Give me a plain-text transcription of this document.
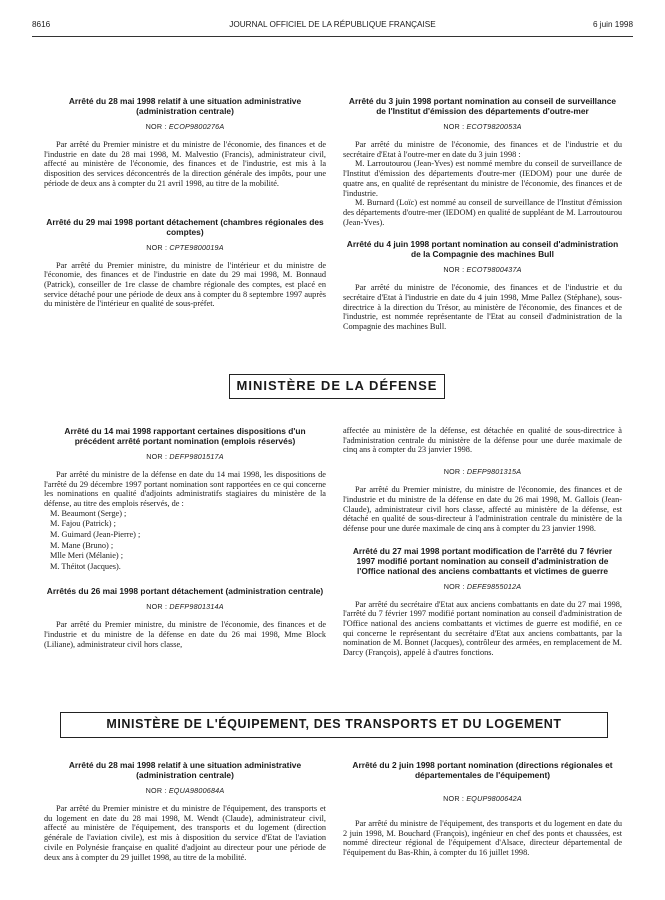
8616	JOURNAL OFFICIEL DE LA RÉPUBLIQUE FRANÇAISE	6 juin 1998
Arrêté du 28 mai 1998 relatif à une situation administrative (administration centrale)
NOR : ECOP9800276A

Par arrêté du Premier ministre et du ministre de l'économie, des finances et de l'industrie en date du 28 mai 1998, M. Malvestio (Francis), administrateur civil, affecté au ministère de l'économie, des finances et de l'industrie, est mis à la disposition des services déconcentrés de la direction générale des impôts, pour une période de deux ans à compter du 21 avril 1998, au titre de la mobilité.

Arrêté du 29 mai 1998 portant détachement (chambres régionales des comptes)
NOR : CPTE9800019A

Par arrêté du Premier ministre, du ministre de l'intérieur et du ministre de l'économie, des finances et de l'industrie en date du 29 mai 1998, M. Bonnaud (Patrick), conseiller de 1re classe de chambre régionale des comptes, est placé en service détaché pour une période de deux ans à compter du 8 septembre 1997 auprès du ministère de l'intérieur en qualité de sous-préfet.

Arrêté du 3 juin 1998 portant nomination au conseil de surveillance de l'Institut d'émission des départements d'outre-mer
NOR : ECOT9820053A

Par arrêté du ministre de l'économie, des finances et de l'industrie et du secrétaire d'Etat à l'outre-mer en date du 3 juin 1998 :

M. Larroutourou (Jean-Yves) est nommé membre du conseil de surveillance de l'Institut d'émission des départements d'outre-mer (IEDOM) pour une durée de quatre ans, en qualité de représentant du ministre de l'économie, des finances et de l'industrie.

M. Burnard (Loïc) est nommé au conseil de surveillance de l'Institut d'émission des départements d'outre-mer (IEDOM) en qualité de suppléant de M. Larroutourou (Jean-Yves).

Arrêté du 4 juin 1998 portant nomination au conseil d'administration de la Compagnie des machines Bull
NOR : ECOT9800437A

Par arrêté du ministre de l'économie, des finances et de l'industrie et du secrétaire d'Etat à l'industrie en date du 4 juin 1998, Mme Pallez (Stéphane), sous-directrice à la direction du Trésor, au ministère de l'économie, des finances et de l'industrie, est nommée représentante de l'Etat au conseil d'administration de la Compagnie des machines Bull.

MINISTÈRE DE LA DÉFENSE
Arrêté du 14 mai 1998 rapportant certaines dispositions d'un précédent arrêté portant nomination (emplois réservés)
NOR : DEFP9801517A

Par arrêté du ministre de la défense en date du 14 mai 1998, les dispositions de l'arrêté du 29 décembre 1997 portant nomination sont rapportées en ce qui concerne les nominations en qualité d'adjoints administratifs stagiaires du ministère de la défense, au titre des emplois réservés, de :

M. Beaumont (Serge) ;

M. Fajou (Patrick) ;

M. Guimard (Jean-Pierre) ;

M. Mane (Bruno) ;

Mlle Meri (Mélanie) ;

M. Théitot (Jacques).

Arrêtés du 26 mai 1998 portant détachement (administration centrale)
NOR : DEFP9801314A

Par arrêté du Premier ministre, du ministre de l'économie, des finances et de l'industrie et du ministre de la défense en date du 26 mai 1998, Mme Block (Liliane), administrateur civil hors classe,

affectée au ministère de la défense, est détachée en qualité de sous-directrice à l'administration centrale du ministère de la défense pour une durée maximale de cinq ans à compter du 23 janvier 1998.

NOR : DEFP9801315A

Par arrêté du Premier ministre, du ministre de l'économie, des finances et de l'industrie et du ministre de la défense en date du 26 mai 1998, M. Gallois (Jean-Claude), administrateur civil hors classe, affecté au ministère de la défense, est détaché en qualité de sous-directeur à l'administration centrale du ministère de la défense pour une durée maximale de cinq ans à compter du 23 janvier 1998.

Arrêté du 27 mai 1998 portant modification de l'arrêté du 7 février 1997 modifié portant nomination au conseil d'administration de l'Office national des anciens combattants et victimes de guerre
NOR : DEFE9855012A

Par arrêté du secrétaire d'Etat aux anciens combattants en date du 27 mai 1998, l'arrêté du 7 février 1997 modifié portant nomination au conseil d'administration de l'Office national des anciens combattants et victimes de guerre est modifié, en ce qui concerne le représentant du secrétaire d'Etat aux anciens combattants, par la nomination de M. Bonnet (Jacques), contrôleur des armées, en remplacement de M. Darcy (François), appelé à d'autres fonctions.

MINISTÈRE DE L'ÉQUIPEMENT, DES TRANSPORTS ET DU LOGEMENT
Arrêté du 28 mai 1998 relatif à une situation administrative (administration centrale)
NOR : EQUA9800684A

Par arrêté du Premier ministre et du ministre de l'équipement, des transports et du logement en date du 28 mai 1998, M. Wendt (Claude), administrateur civil, affecté au ministère de l'équipement, des transports et du logement (direction générale de l'aviation civile), est mis à disposition du service d'Etat de l'aviation civile en Polynésie française en qualité d'adjoint au directeur pour une période de deux ans à compter du 29 juillet 1998, au titre de la mobilité.

Arrêté du 2 juin 1998 portant nomination (directions régionales et départementales de l'équipement)
NOR : EQUP9800642A

Par arrêté du ministre de l'équipement, des transports et du logement en date du 2 juin 1998, M. Bouchard (François), ingénieur en chef des ponts et chaussées, est nommé directeur régional de l'équipement d'Alsace, directeur départemental de l'équipement du Bas-Rhin, à compter du 16 juillet 1998.
